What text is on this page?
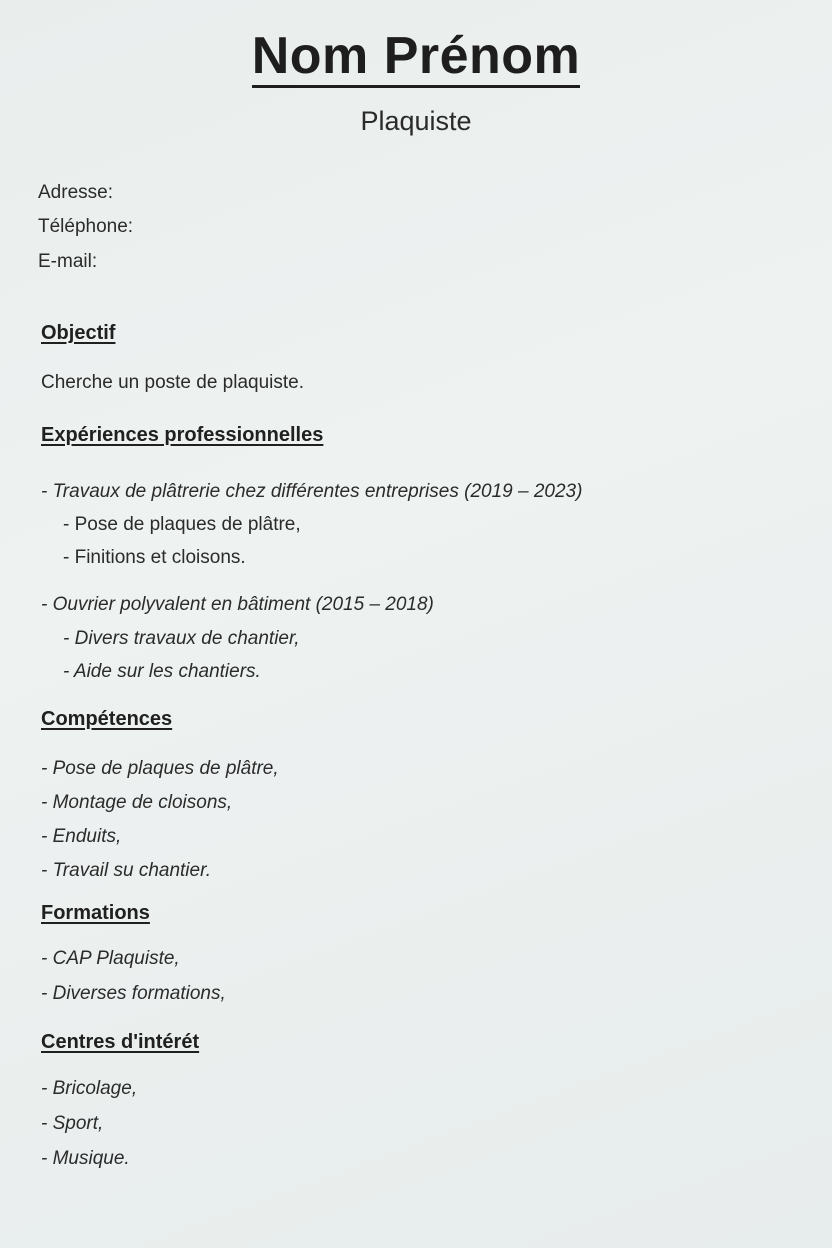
Nom Prénom
Plaquiste
Adresse:
Téléphone:
E-mail:
Objectif
Cherche un poste de plaquiste.
Expériences professionnelles
- Travaux de plâtrerie chez différentes entreprises (2019 – 2023)
- Pose de plaques de plâtre,
- Finitions et cloisons.
- Ouvrier polyvalent en bâtiment (2015 – 2018)
- Divers travaux de chantier,
- Aide sur les chantiers.
Compétences
- Pose de plaques de plâtre,
- Montage de cloisons,
- Enduits,
- Travail su chantier.
Formations
- CAP Plaquiste,
- Diverses formations,
Centres d'intérét
- Bricolage,
- Sport,
- Musique.
